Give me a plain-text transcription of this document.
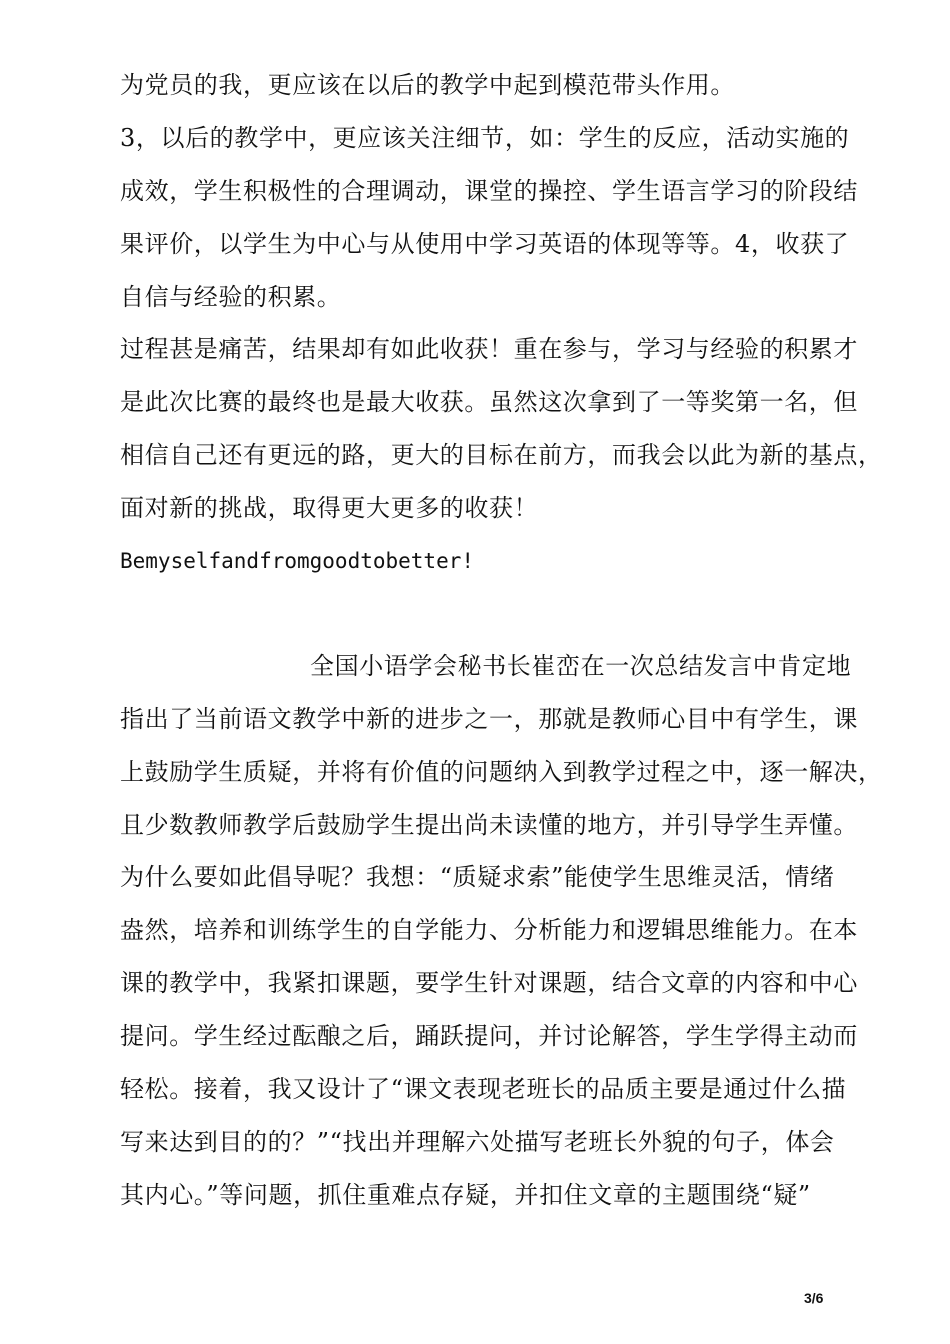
为党员的我，更应该在以后的教学中起到模范带头作用。
3，以后的教学中，更应该关注细节，如：学生的反应，活动实施的
成效，学生积极性的合理调动，课堂的操控、学生语言学习的阶段结
果评价，以学生为中心与从使用中学习英语的体现等等。4，收获了
自信与经验的积累。
过程甚是痛苦，结果却有如此收获！重在参与，学习与经验的积累才
是此次比赛的最终也是最大收获。虽然这次拿到了一等奖第一名，但
相信自己还有更远的路，更大的目标在前方，而我会以此为新的基点，
面对新的挑战，取得更大更多的收获！
Bemyselfandfromgoodtobetter!
全国小语学会秘书长崔峦在一次总结发言中肯定地
指出了当前语文教学中新的进步之一，那就是教师心目中有学生，课
上鼓励学生质疑，并将有价值的问题纳入到教学过程之中，逐一解决，
且少数教师教学后鼓励学生提出尚未读懂的地方，并引导学生弄懂。
为什么要如此倡导呢？我想：“质疑求索”能使学生思维灵活，情绪
盎然，培养和训练学生的自学能力、分析能力和逻辑思维能力。在本
课的教学中，我紧扣课题，要学生针对课题，结合文章的内容和中心
提问。学生经过酝酿之后，踊跃提问，并讨论解答，学生学得主动而
轻松。接着，我又设计了“课文表现老班长的品质主要是通过什么描
写来达到目的的？”“找出并理解六处描写老班长外貌的句子，体会
其内心。”等问题，抓住重难点存疑，并扣住文章的主题围绕“疑”
3/6
